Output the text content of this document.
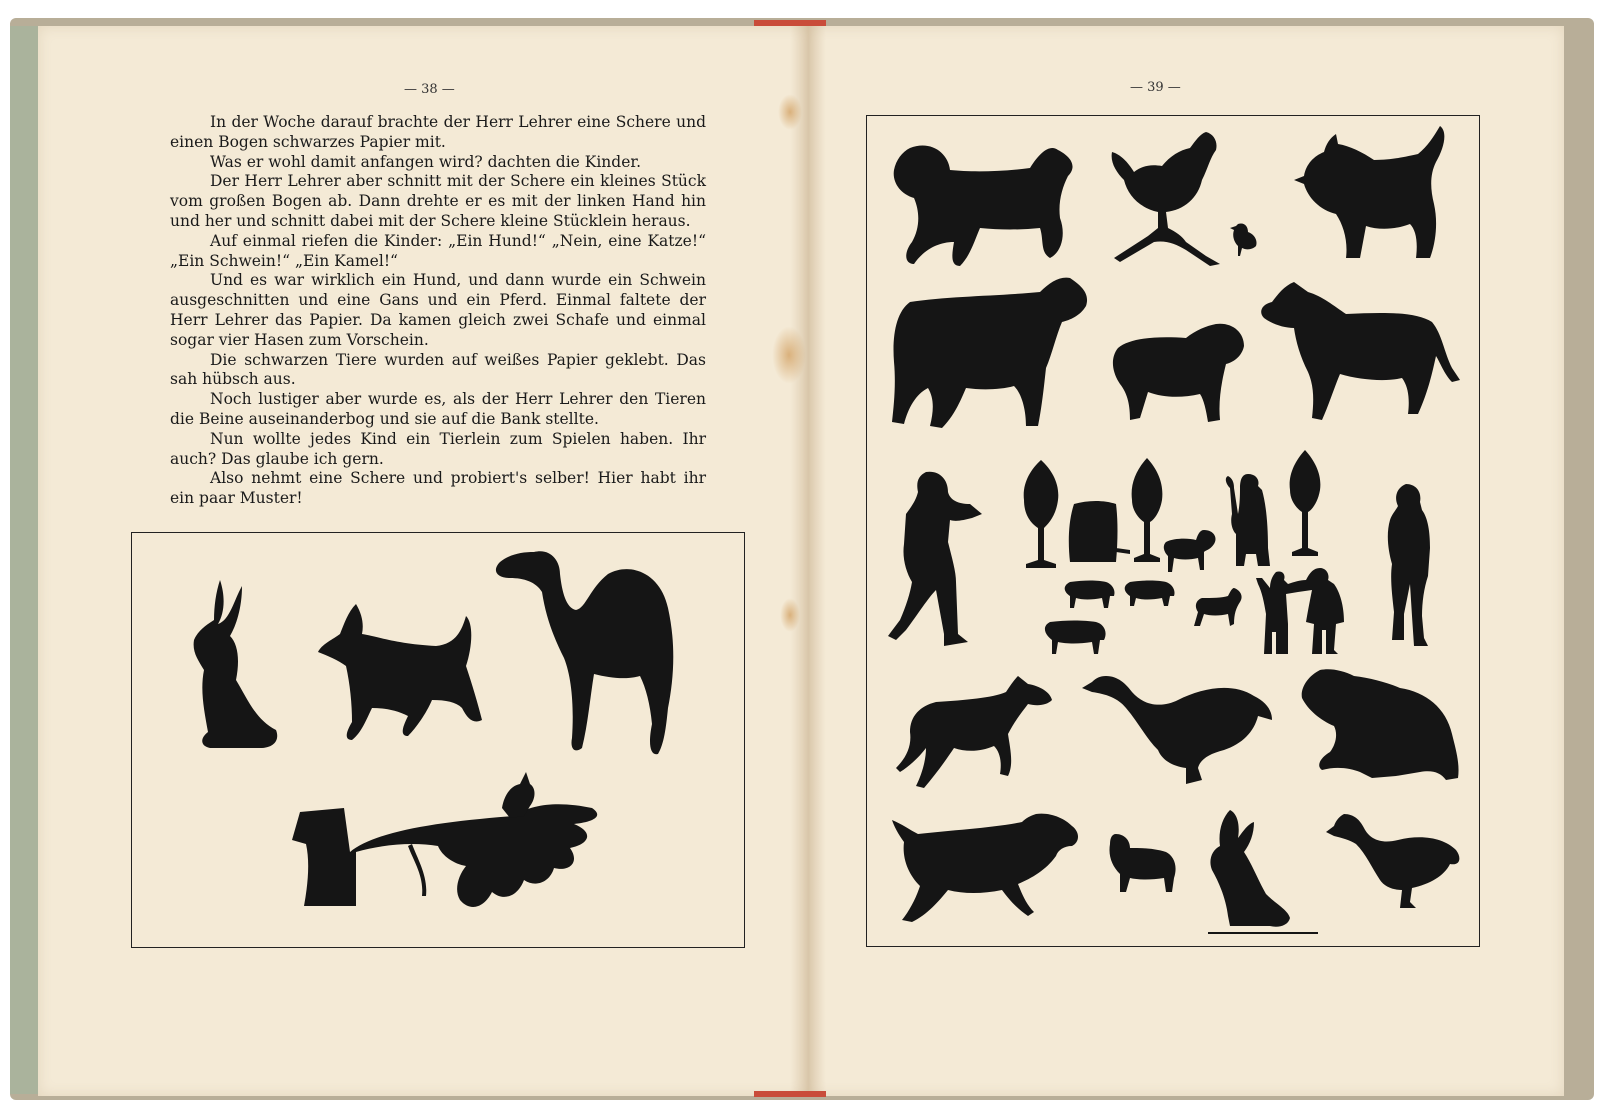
— 38 —	— 39 —

In der Woche darauf brachte der Herr Lehrer eine Schere und einen Bogen schwarzes Papier mit.

Was er wohl damit anfangen wird? dachten die Kinder.

Der Herr Lehrer aber schnitt mit der Schere ein kleines Stück vom großen Bogen ab. Dann drehte er es mit der linken Hand hin und her und schnitt dabei mit der Schere kleine Stücklein heraus.

Auf einmal riefen die Kinder: „Ein Hund!“ „Nein, eine Katze!“ „Ein Schwein!“ „Ein Kamel!“

Und es war wirklich ein Hund, und dann wurde ein Schwein ausgeschnitten und eine Gans und ein Pferd. Einmal faltete der Herr Lehrer das Papier. Da kamen gleich zwei Schafe und einmal sogar vier Hasen zum Vorschein.

Die schwarzen Tiere wurden auf weißes Papier geklebt. Das sah hübsch aus.

Noch lustiger aber wurde es, als der Herr Lehrer den Tieren die Beine auseinanderbog und sie auf die Bank stellte.

Nun wollte jedes Kind ein Tierlein zum Spielen haben. Ihr auch? Das glaube ich gern.

Also nehmt eine Schere und probiert's selber! Hier habt ihr ein paar Muster!
